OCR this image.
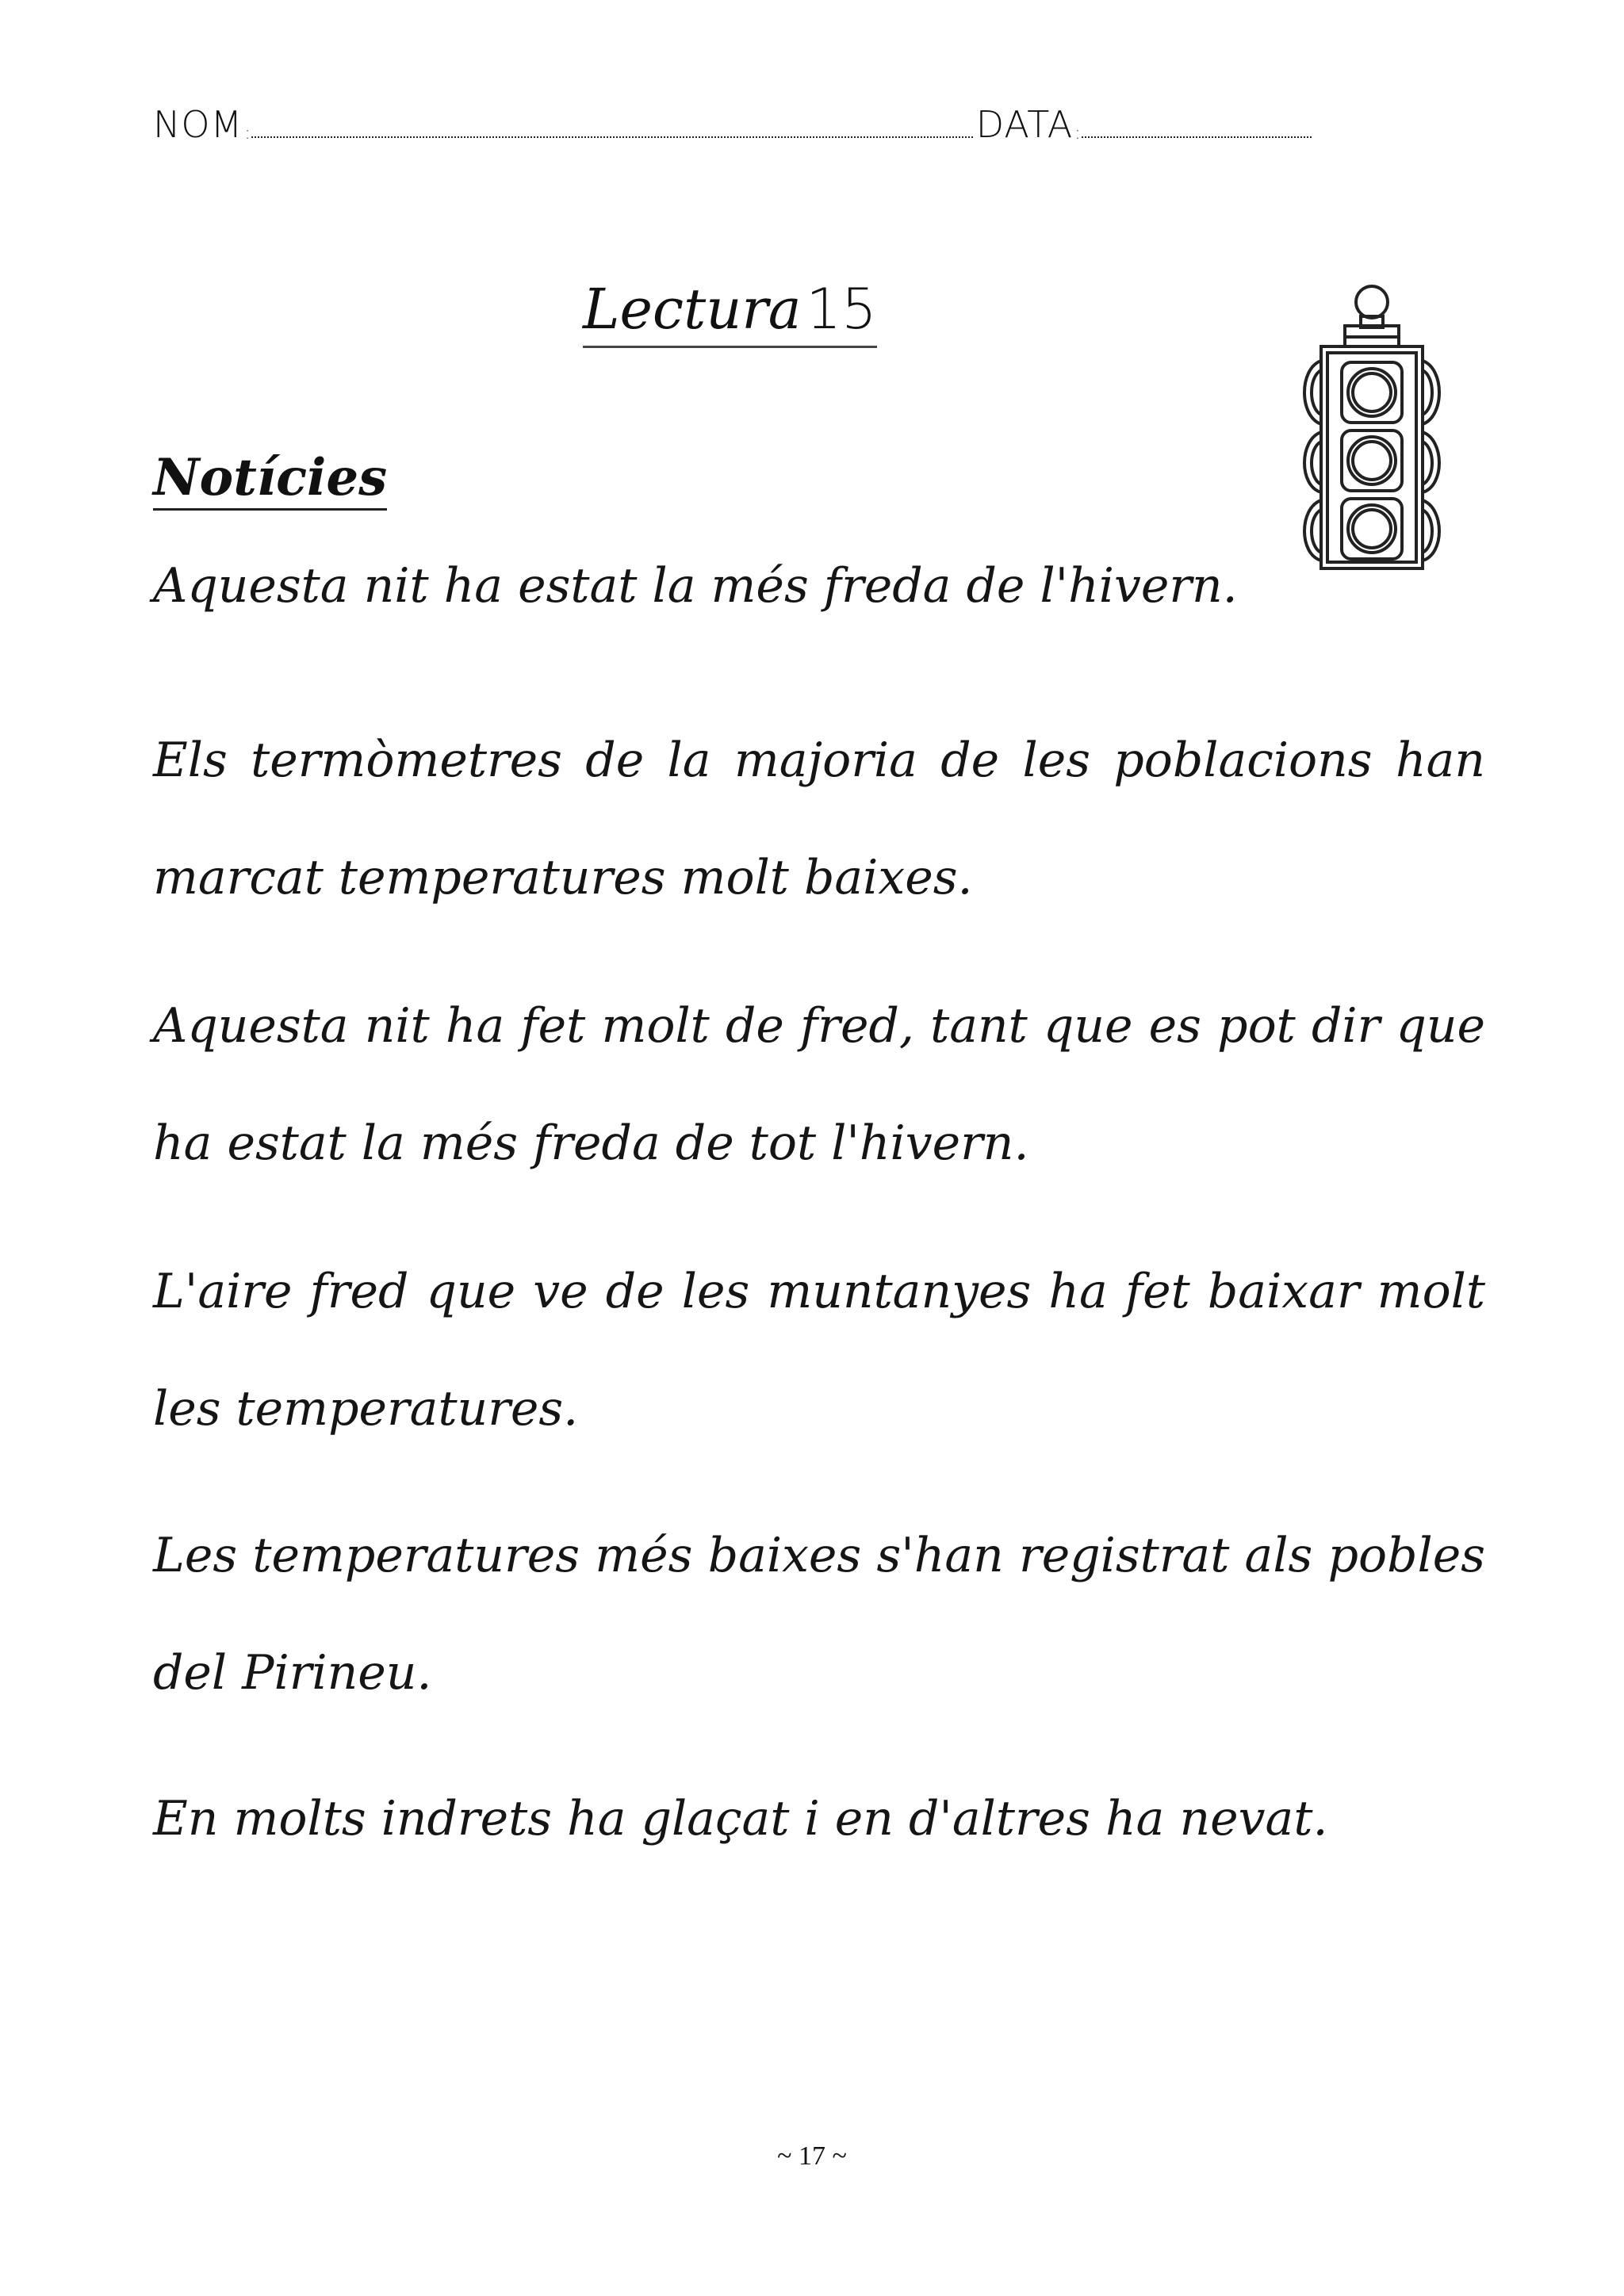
NOM :	DATA :
Lectura15
Notícies

Aquesta nit ha estat la més freda de l'hivern.

Els termòmetres de la majoria de les poblacions han marcat temperatures molt baixes.

Aquesta nit ha fet molt de fred, tant que es pot dir que ha estat la més freda de tot l'hivern.

L'aire fred que ve de les muntanyes ha fet baixar molt les temperatures.

Les temperatures més baixes s'han registrat als pobles del Pirineu.

En molts indrets ha glaçat i en d'altres ha nevat.

~ 17 ~
